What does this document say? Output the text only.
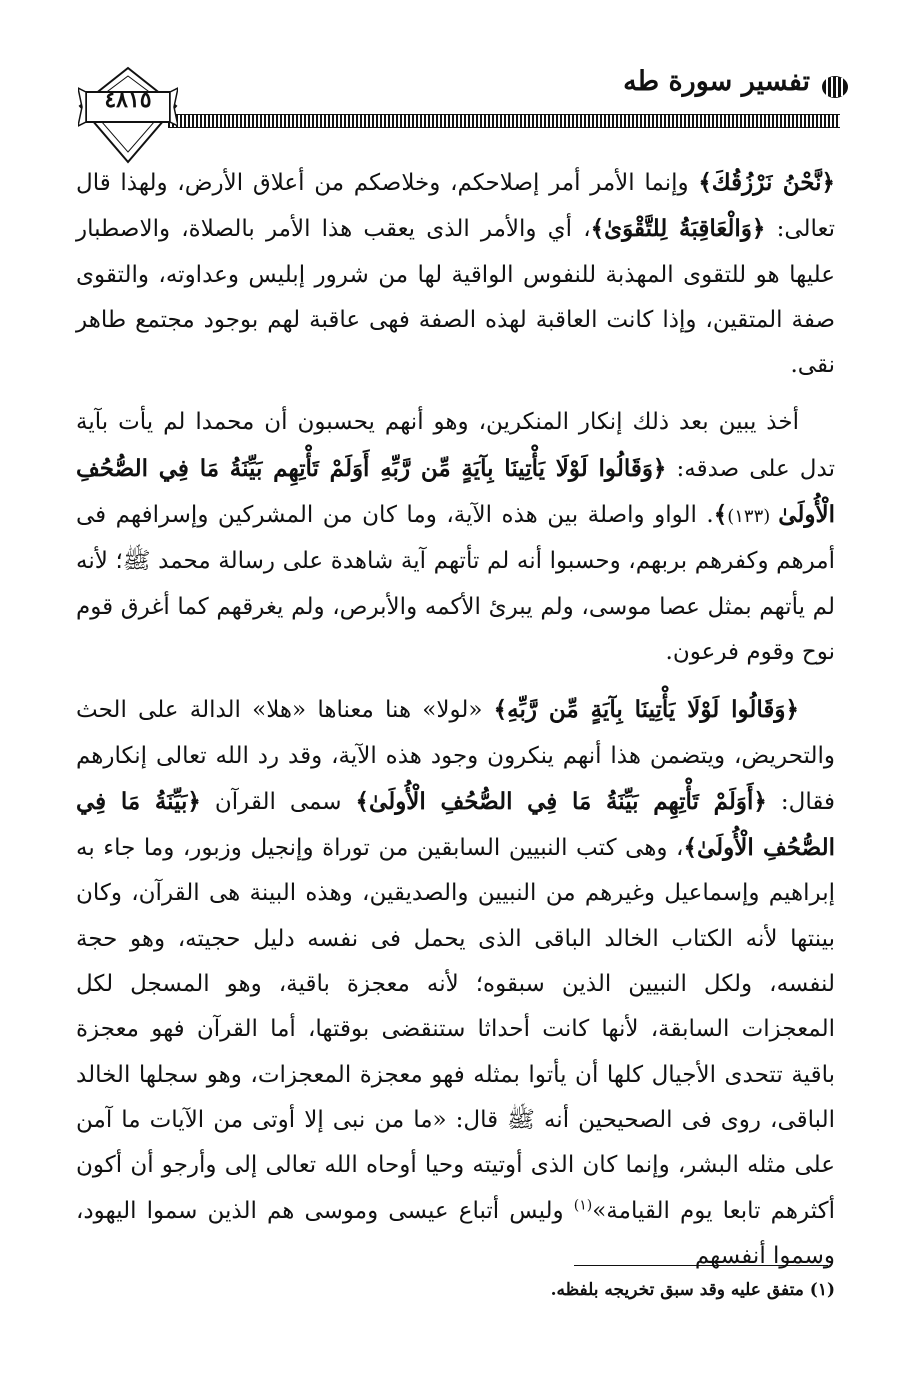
تفسير سورة طه
٤٨١٥

﴿نَّحْنُ نَرْزُقُكَ﴾ وإنما الأمر أمر إصلاحكم، وخلاصكم من أعلاق الأرض، ولهذا قال تعالى: ﴿وَالْعَاقِبَةُ لِلتَّقْوَىٰ﴾، أي والأمر الذى يعقب هذا الأمر بالصلاة، والاصطبار عليها هو للتقوى المهذبة للنفوس الواقية لها من شرور إبليس وعداوته، والتقوى صفة المتقين، وإذا كانت العاقبة لهذه الصفة فهى عاقبة لهم بوجود مجتمع طاهر نقى.

أخذ يبين بعد ذلك إنكار المنكرين، وهو أنهم يحسبون أن محمدا لم يأت بآية تدل على صدقه: ﴿وَقَالُوا لَوْلَا يَأْتِينَا بِآيَةٍ مِّن رَّبِّهِ أَوَلَمْ تَأْتِهِم بَيِّنَةُ مَا فِي الصُّحُفِ الْأُولَىٰ (١٣٣)﴾. الواو واصلة بين هذه الآية، وما كان من المشركين وإسرافهم فى أمرهم وكفرهم بربهم، وحسبوا أنه لم تأتهم آية شاهدة على رسالة محمد ﷺ؛ لأنه لم يأتهم بمثل عصا موسى، ولم يبرئ الأكمه والأبرص، ولم يغرقهم كما أغرق قوم نوح وقوم فرعون.

﴿وَقَالُوا لَوْلَا يَأْتِينَا بِآيَةٍ مِّن رَّبِّهِ﴾ «لولا» هنا معناها «هلا» الدالة على الحث والتحريض، ويتضمن هذا أنهم ينكرون وجود هذه الآية، وقد رد الله تعالى إنكارهم فقال: ﴿أَوَلَمْ تَأْتِهِم بَيِّنَةُ مَا فِي الصُّحُفِ الْأُولَىٰ﴾ سمى القرآن ﴿بَيِّنَةُ مَا فِي الصُّحُفِ الْأُولَىٰ﴾، وهى كتب النبيين السابقين من توراة وإنجيل وزبور، وما جاء به إبراهيم وإسماعيل وغيرهم من النبيين والصديقين، وهذه البينة هى القرآن، وكان بينتها لأنه الكتاب الخالد الباقى الذى يحمل فى نفسه دليل حجيته، وهو حجة لنفسه، ولكل النبيين الذين سبقوه؛ لأنه معجزة باقية، وهو المسجل لكل المعجزات السابقة، لأنها كانت أحداثا ستنقضى بوقتها، أما القرآن فهو معجزة باقية تتحدى الأجيال كلها أن يأتوا بمثله فهو معجزة المعجزات، وهو سجلها الخالد الباقى، روى فى الصحيحين أنه ﷺ قال: «ما من نبى إلا أوتى من الآيات ما آمن على مثله البشر، وإنما كان الذى أوتيته وحيا أوحاه الله تعالى إلى وأرجو أن أكون أكثرهم تابعا يوم القيامة»$^{(١)}$ وليس أتباع عيسى وموسى هم الذين سموا اليهود، وسموا أنفسهم

(١) متفق عليه وقد سبق تخريجه بلفظه.
